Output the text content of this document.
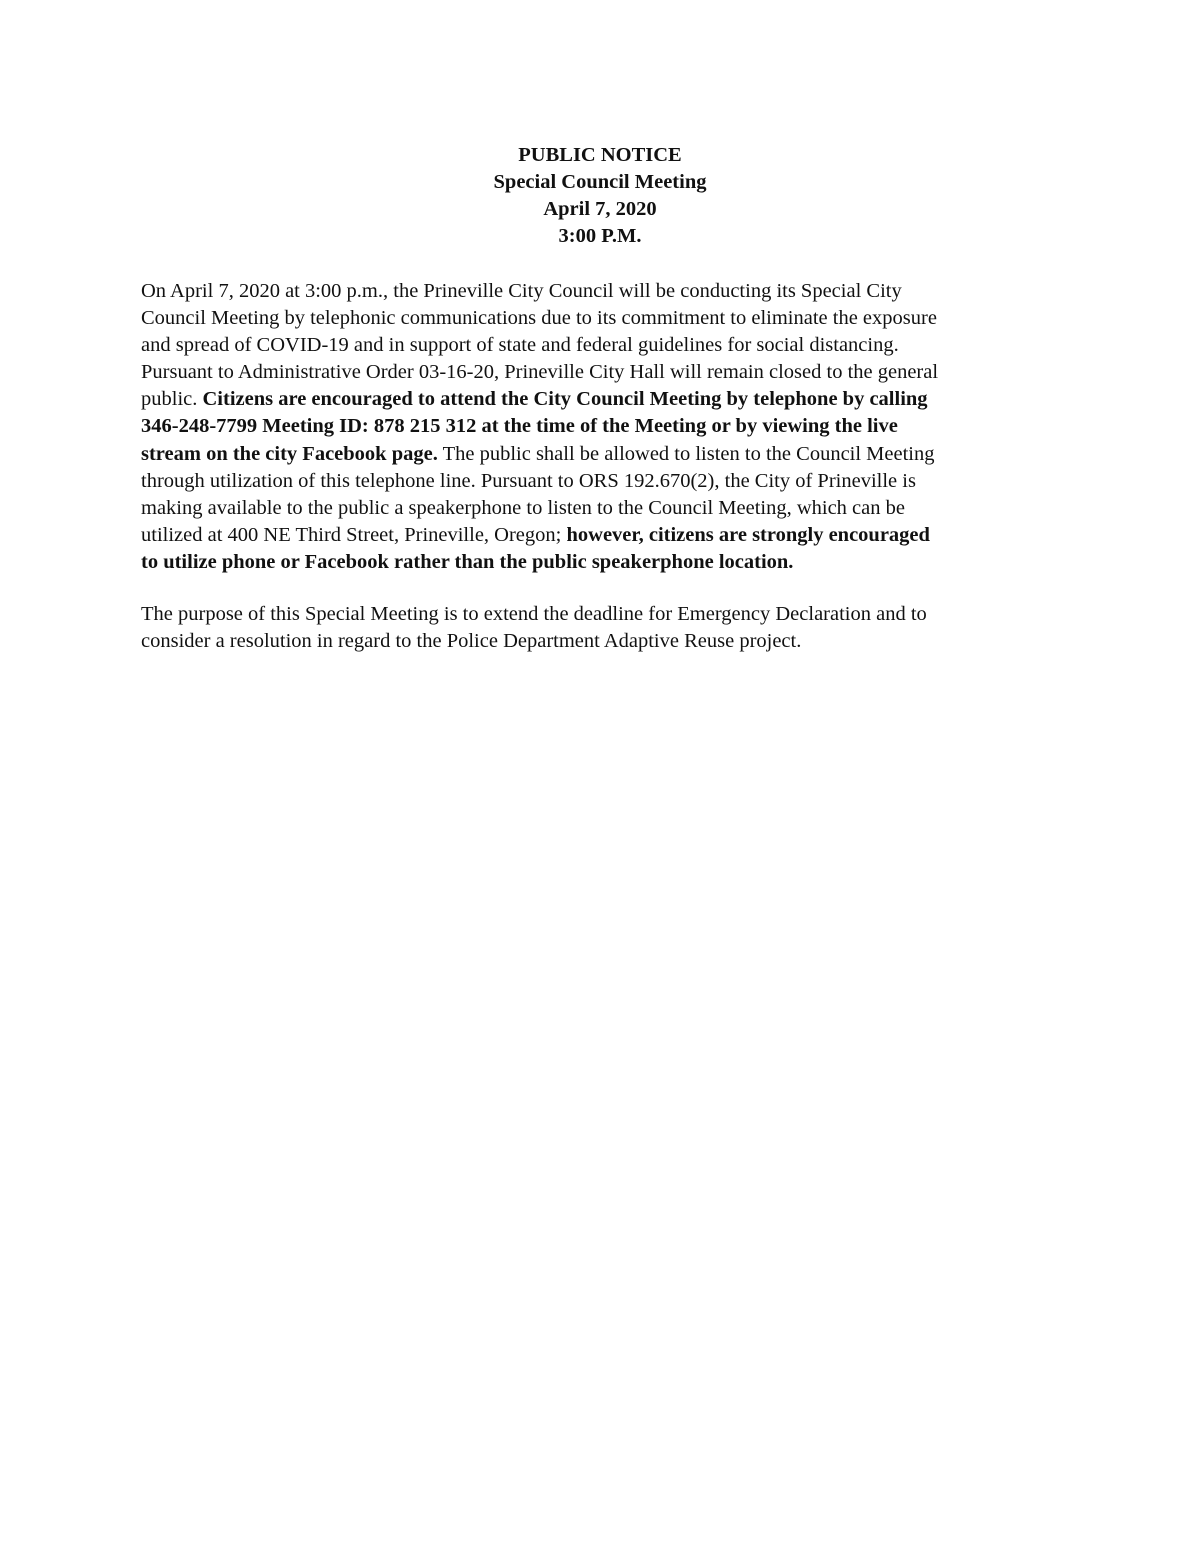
PUBLIC NOTICE
Special Council Meeting
April 7, 2020
3:00 P.M.
On April 7, 2020 at 3:00 p.m., the Prineville City Council will be conducting its Special City
Council Meeting by telephonic communications due to its commitment to eliminate the exposure
and spread of COVID-19 and in support of state and federal guidelines for social distancing.
Pursuant to Administrative Order 03-16-20, Prineville City Hall will remain closed to the general
public. Citizens are encouraged to attend the City Council Meeting by telephone by calling
346-248-7799 Meeting ID: 878 215 312 at the time of the Meeting or by viewing the live
stream on the city Facebook page. The public shall be allowed to listen to the Council Meeting
through utilization of this telephone line. Pursuant to ORS 192.670(2), the City of Prineville is
making available to the public a speakerphone to listen to the Council Meeting, which can be
utilized at 400 NE Third Street, Prineville, Oregon; however, citizens are strongly encouraged
to utilize phone or Facebook rather than the public speakerphone location.
The purpose of this Special Meeting is to extend the deadline for Emergency Declaration and to
consider a resolution in regard to the Police Department Adaptive Reuse project.
